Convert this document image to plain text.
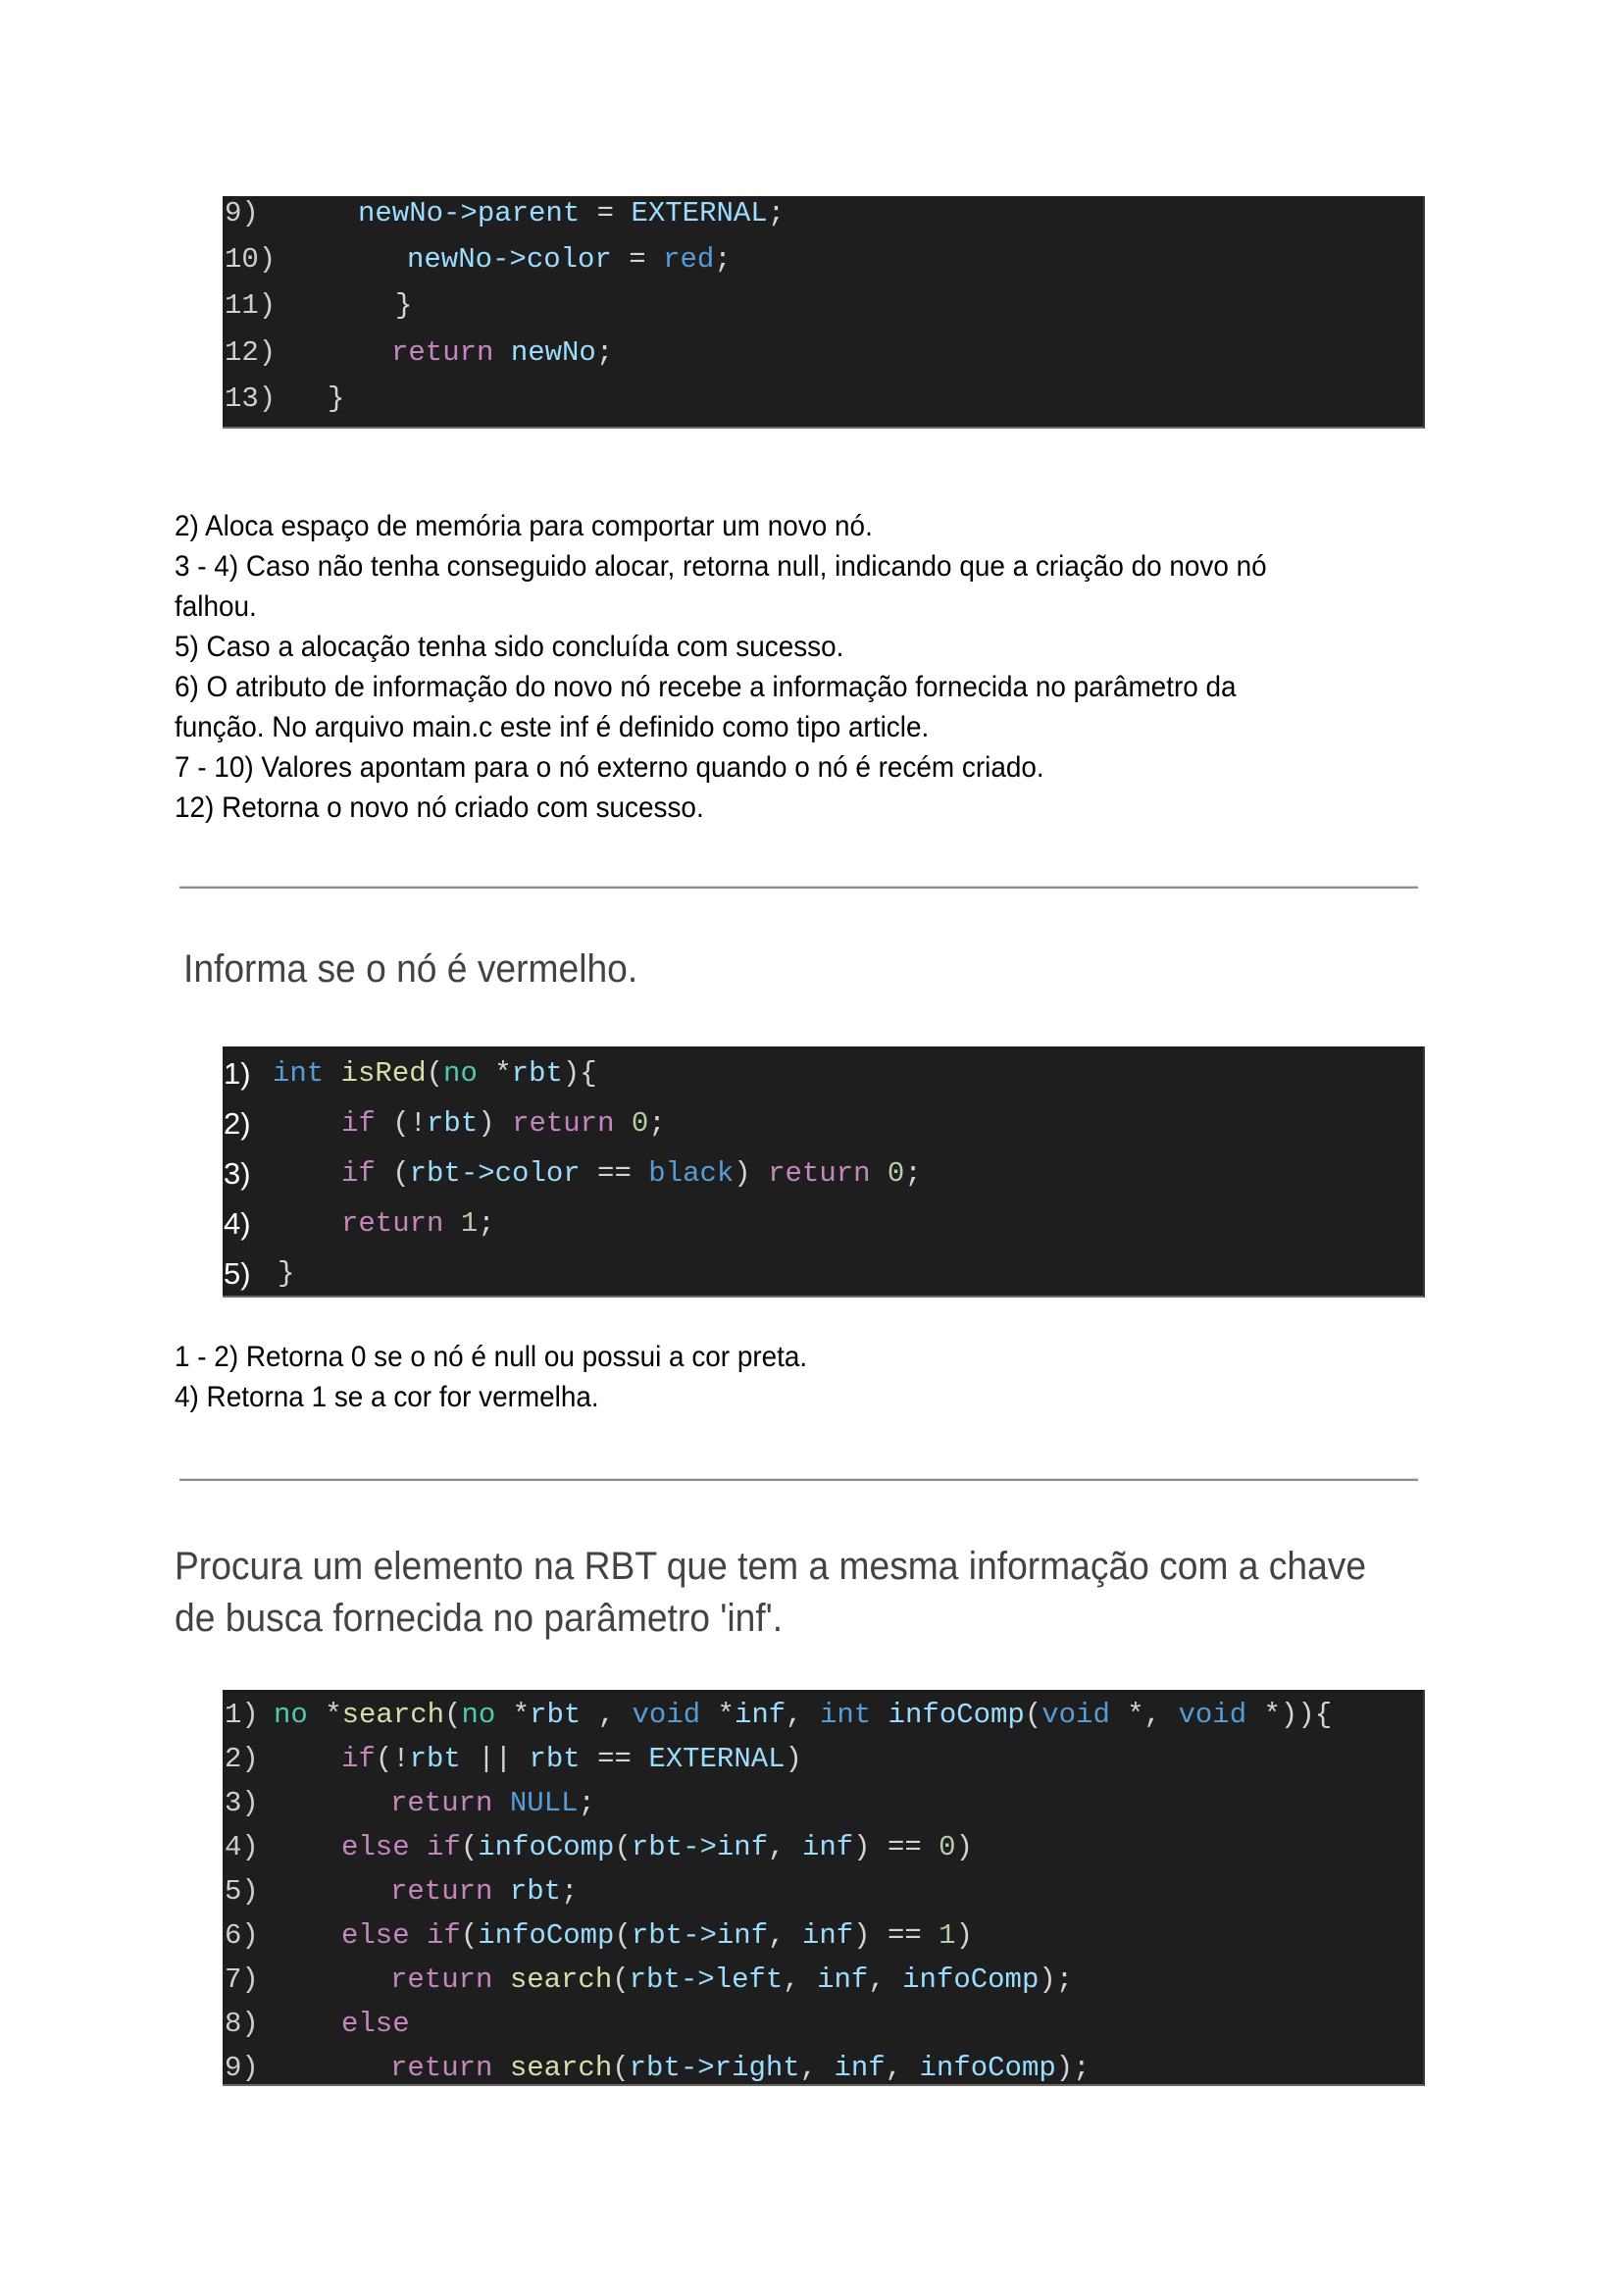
9)

	newNo->parent = EXTERNAL;

10)

	newNo->color = red;

11)

	}

12)

	return newNo;

13)

}

2) Aloca espaço de memória para comportar um novo nó.
3 - 4) Caso não tenha conseguido alocar, retorna null, indicando que a criação do novo nó
falhou.
5) Caso a alocação tenha sido concluída com sucesso.
6) O atributo de informação do novo nó recebe a informação fornecida no parâmetro da
função. No arquivo main.c este inf é definido como tipo article.
7 - 10) Valores apontam para o nó externo quando o nó é recém criado.
12) Retorna o novo nó criado com sucesso.
Informa se o nó é vermelho.

1)

int isRed(no *rbt){

2)

	if (!rbt) return 0;

3)

	if (rbt->color == black) return 0;

4)

	return 1;

5)

}

1 - 2) Retorna 0 se o nó é null ou possui a cor preta.
4) Retorna 1 se a cor for vermelha.
Procura um elemento na RBT que tem a mesma informação com a chave
de busca fornecida no parâmetro 'inf'.

1)

no *search(no *rbt , void *inf, int infoComp(void *, void *)){

2)

	if(!rbt || rbt == EXTERNAL)

3)

	return NULL;

4)

	else if(infoComp(rbt->inf, inf) == 0)

5)

	return rbt;

6)

	else if(infoComp(rbt->inf, inf) == 1)

7)

	return search(rbt->left, inf, infoComp);

8)

	else

9)

	return search(rbt->right, inf, infoComp);
